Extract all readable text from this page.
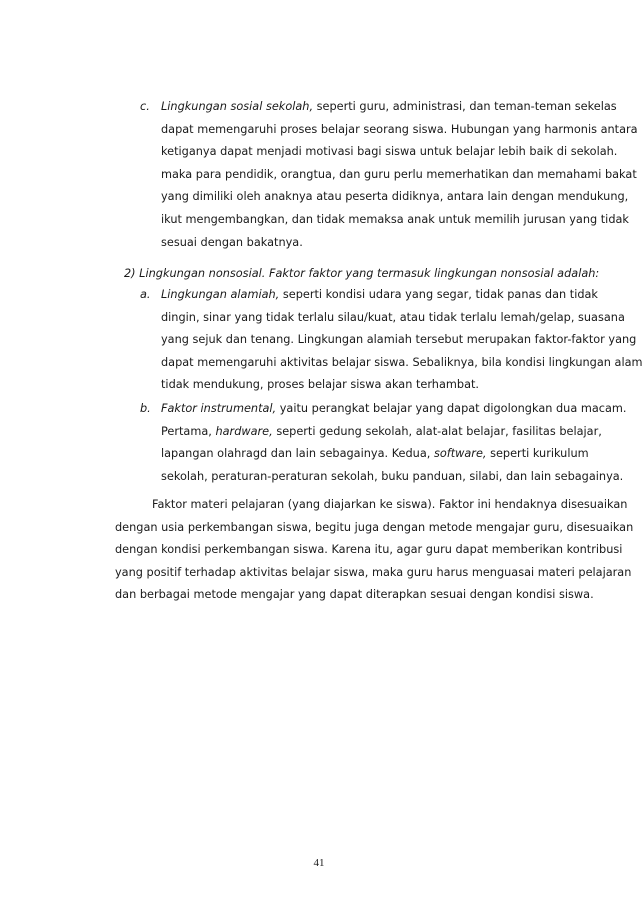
c. Lingkungan sosial sekolah, seperti guru, administrasi, dan teman-teman sekelas
dapat memengaruhi proses belajar seorang siswa. Hubungan yang harmonis antara
ketiganya dapat menjadi motivasi bagi siswa untuk belajar lebih baik di sekolah.
maka para pendidik, orangtua, dan guru perlu memerhatikan dan memahami bakat
yang dimiliki oleh anaknya atau peserta didiknya, antara lain dengan mendukung,
ikut mengembangkan, dan tidak memaksa anak untuk memilih jurusan yang tidak
sesuai dengan bakatnya.
2) Lingkungan nonsosial. Faktor faktor yang termasuk lingkungan nonsosial adalah:
a. Lingkungan alamiah, seperti kondisi udara yang segar, tidak panas dan tidak
dingin, sinar yang tidak terlalu silau/kuat, atau tidak terlalu lemah/gelap, suasana
yang sejuk dan tenang. Lingkungan alamiah tersebut merupakan faktor-faktor yang
dapat memengaruhi aktivitas belajar siswa. Sebaliknya, bila kondisi lingkungan alam
tidak mendukung, proses belajar siswa akan terhambat.
b. Faktor instrumental, yaitu perangkat belajar yang dapat digolongkan dua macam.
Pertama, hardware, seperti gedung sekolah, alat-alat belajar, fasilitas belajar,
lapangan olahragd dan lain sebagainya. Kedua, software, seperti kurikulum
sekolah, peraturan-peraturan sekolah, buku panduan, silabi, dan lain sebagainya.
Faktor materi pelajaran (yang diajarkan ke siswa). Faktor ini hendaknya disesuaikan
dengan usia perkembangan siswa, begitu juga dengan metode mengajar guru, disesuaikan
dengan kondisi perkembangan siswa. Karena itu, agar guru dapat memberikan kontribusi
yang positif terhadap aktivitas belajar siswa, maka guru harus menguasai materi pelajaran
dan berbagai metode mengajar yang dapat diterapkan sesuai dengan kondisi siswa.
41
